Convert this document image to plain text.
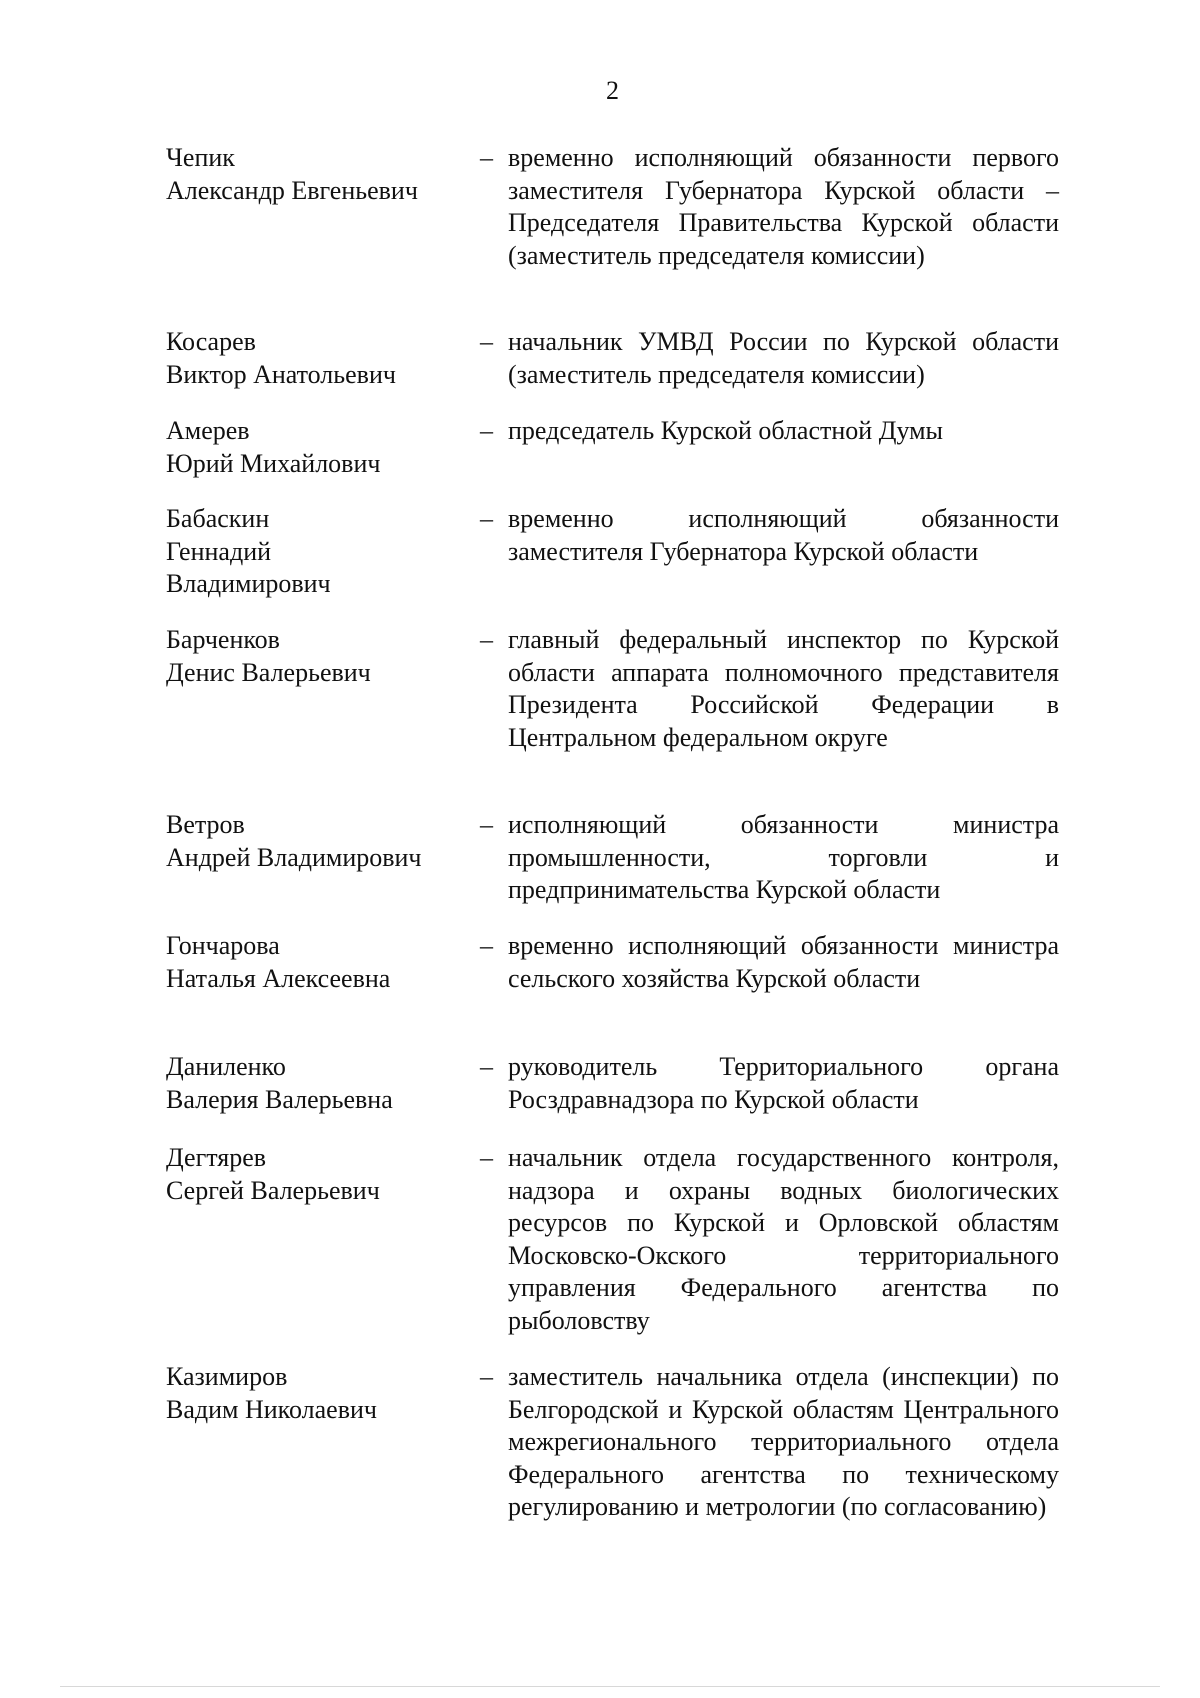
2
Чепик
Александр Евгеньевич
– временно исполняющий обязанности первого заместителя Губернатора Курской области – Председателя Правительства Курской области (заместитель председателя комиссии)
Косарев
Виктор Анатольевич
– начальник УМВД России по Курской области (заместитель председателя комиссии)
Амерев
Юрий Михайлович
– председатель Курской областной Думы
Бабаскин
Геннадий
Владимирович
– временно исполняющий обязанности заместителя Губернатора Курской области
Барченков
Денис Валерьевич
– главный федеральный инспектор по Курской области аппарата полномочного представителя Президента Российской Федерации в Центральном федеральном округе
Ветров
Андрей Владимирович
– исполняющий обязанности министра промышленности, торговли и предпринимательства Курской области
Гончарова
Наталья Алексеевна
– временно исполняющий обязанности министра сельского хозяйства Курской области
Даниленко
Валерия Валерьевна
– руководитель Территориального органа Росздравнадзора по Курской области
Дегтярев
Сергей Валерьевич
– начальник отдела государственного контроля, надзора и охраны водных биологических ресурсов по Курской и Орловской областям Московско-Окского территориального управления Федерального агентства по рыболовству
Казимиров
Вадим Николаевич
– заместитель начальника отдела (инспекции) по Белгородской и Курской областям Центрального межрегионального территориального отдела Федерального агентства по техническому регулированию и метрологии (по согласованию)
